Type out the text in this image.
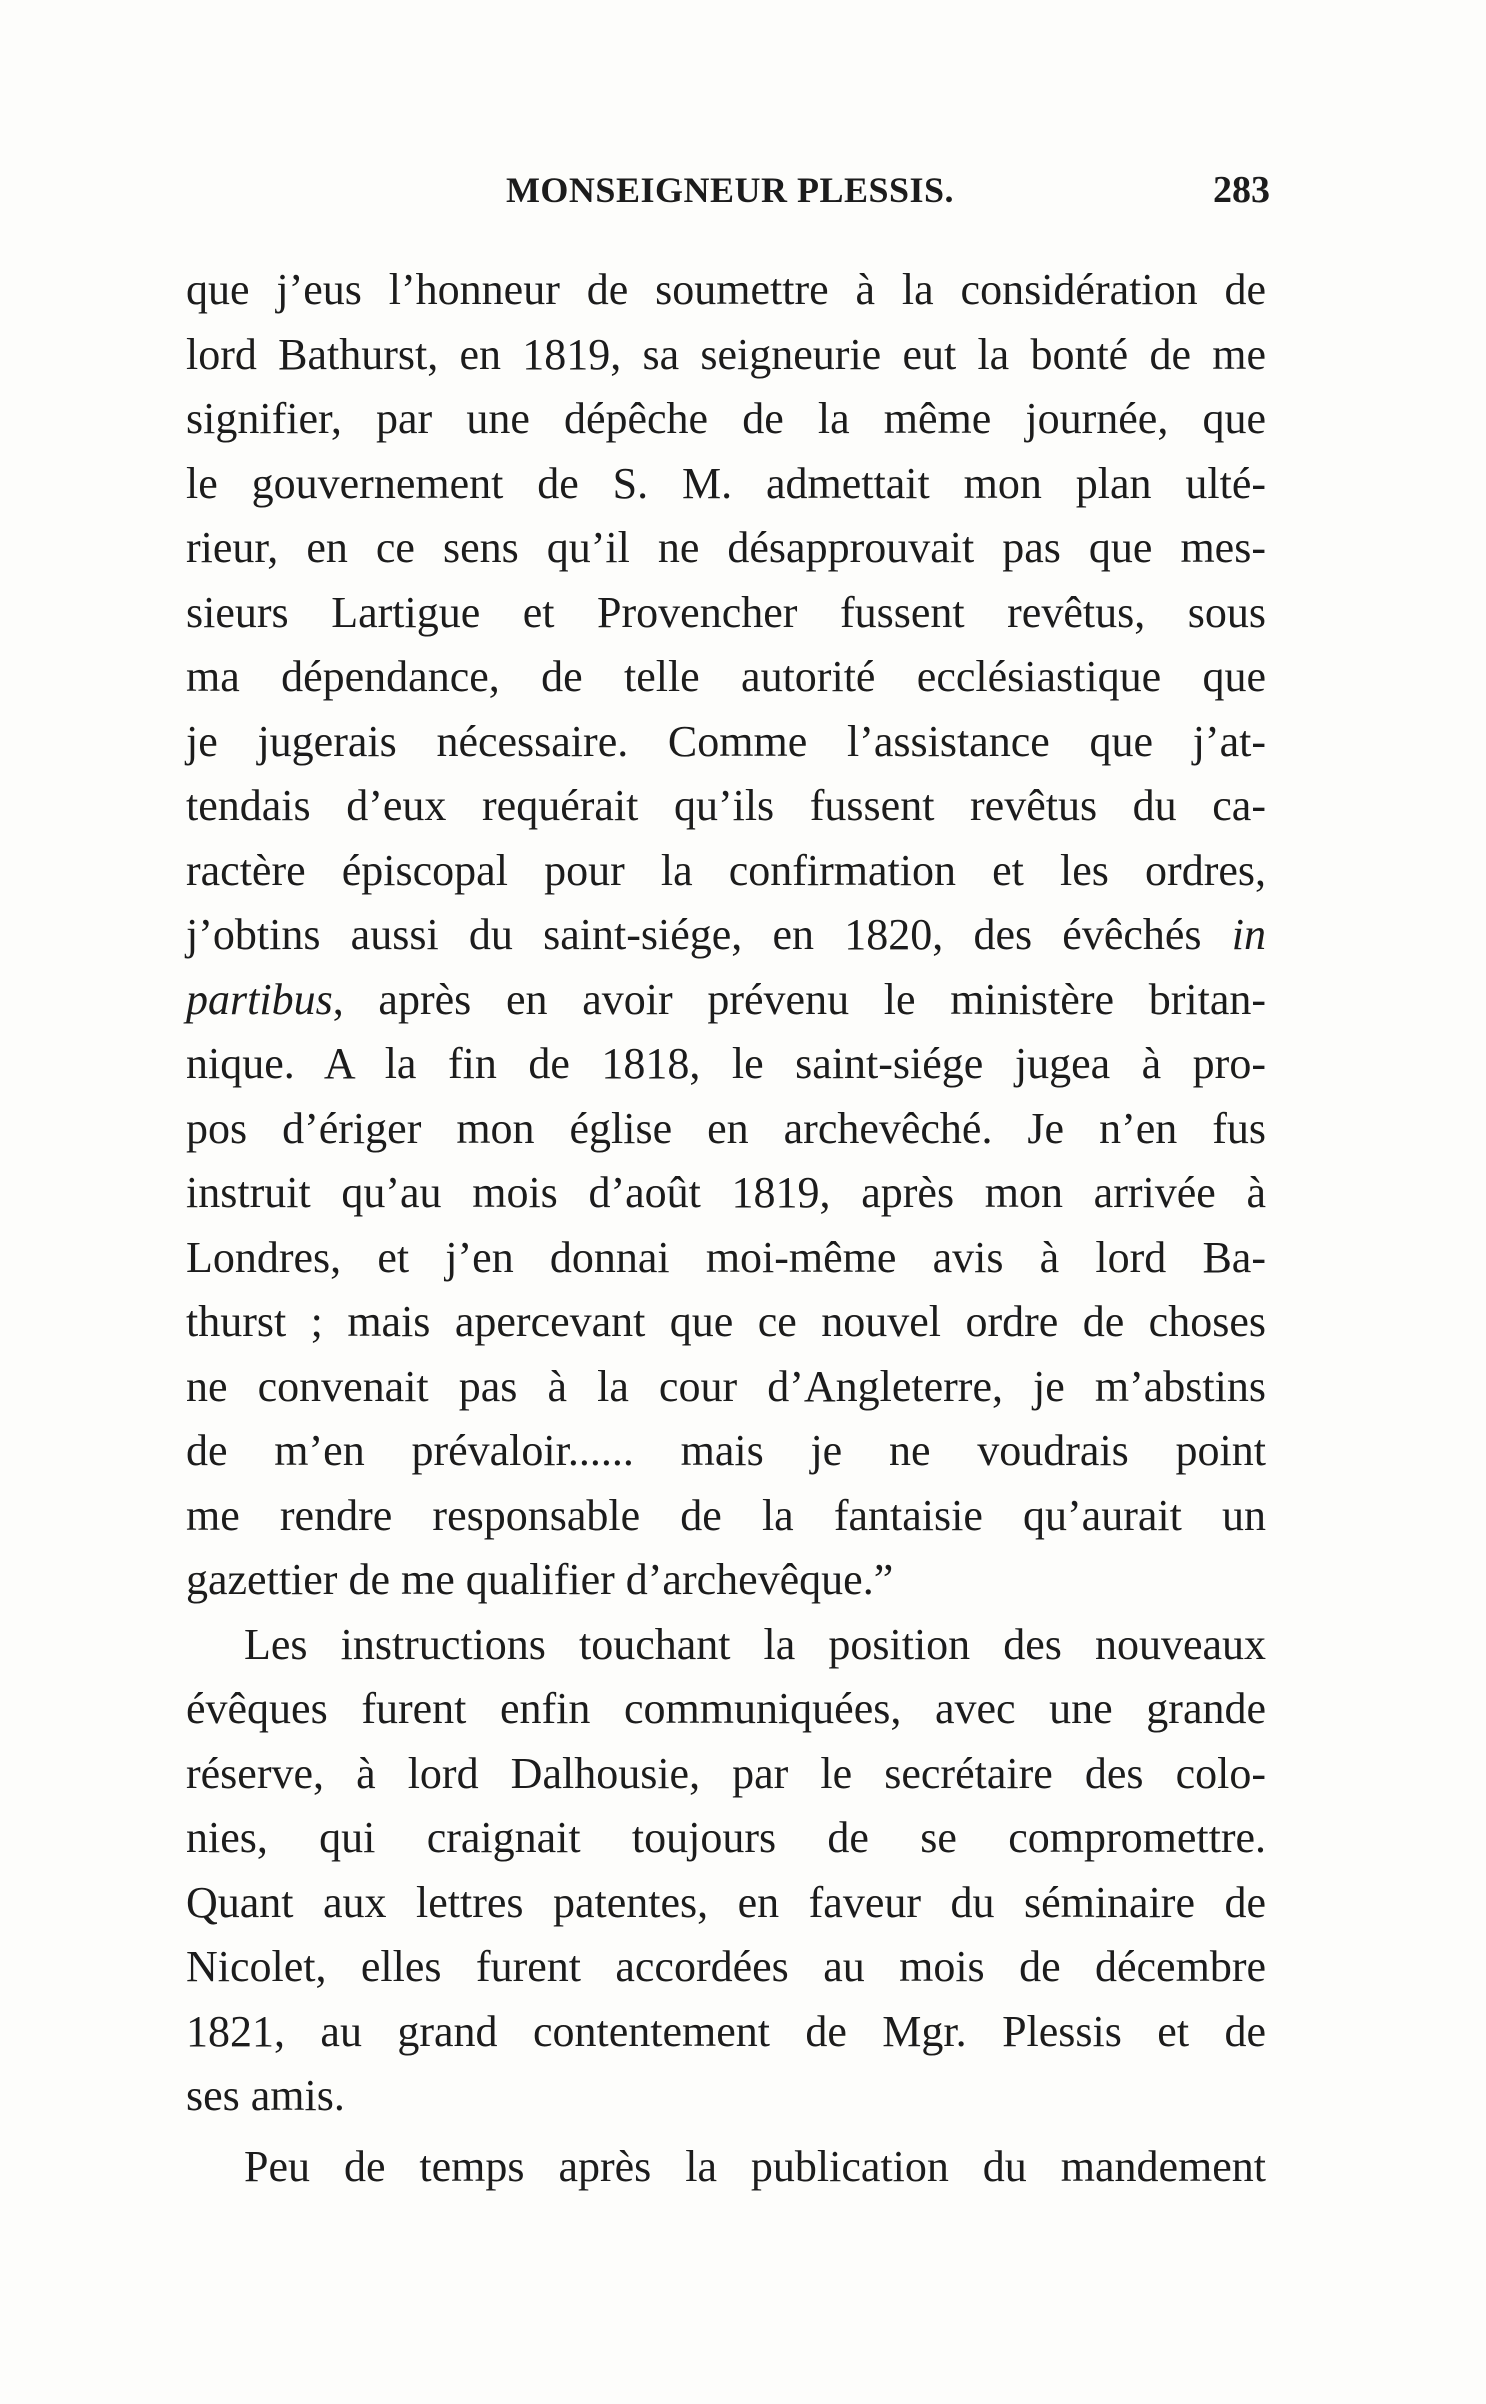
MONSEIGNEUR PLESSIS.	283
que j’eus l’honneur de soumettre à la considération de
lord Bathurst, en 1819, sa seigneurie eut la bonté de me
signifier, par une dépêche de la même journée, que
le gouvernement de S. M. admettait mon plan ulté-
rieur, en ce sens qu’il ne désapprouvait pas que mes-
sieurs Lartigue et Provencher fussent revêtus, sous
ma dépendance, de telle autorité ecclésiastique que
je jugerais nécessaire. Comme l’assistance que j’at-
tendais d’eux requérait qu’ils fussent revêtus du ca-
ractère épiscopal pour la confirmation et les ordres,
j’obtins aussi du saint-siége, en 1820, des évêchés in
partibus, après en avoir prévenu le ministère britan-
nique. A la fin de 1818, le saint-siége jugea à pro-
pos d’ériger mon église en archevêché. Je n’en fus
instruit qu’au mois d’août 1819, après mon arrivée à
Londres, et j’en donnai moi-même avis à lord Ba-
thurst ; mais apercevant que ce nouvel ordre de choses
ne convenait pas à la cour d’Angleterre, je m’abstins
de m’en prévaloir...... mais je ne voudrais point
me rendre responsable de la fantaisie qu’aurait un
gazettier de me qualifier d’archevêque.”
Les instructions touchant la position des nouveaux
évêques furent enfin communiquées, avec une grande
réserve, à lord Dalhousie, par le secrétaire des colo-
nies, qui craignait toujours de se compromettre.
Quant aux lettres patentes, en faveur du séminaire de
Nicolet, elles furent accordées au mois de décembre
1821, au grand contentement de Mgr. Plessis et de
ses amis.
Peu de temps après la publication du mandement
